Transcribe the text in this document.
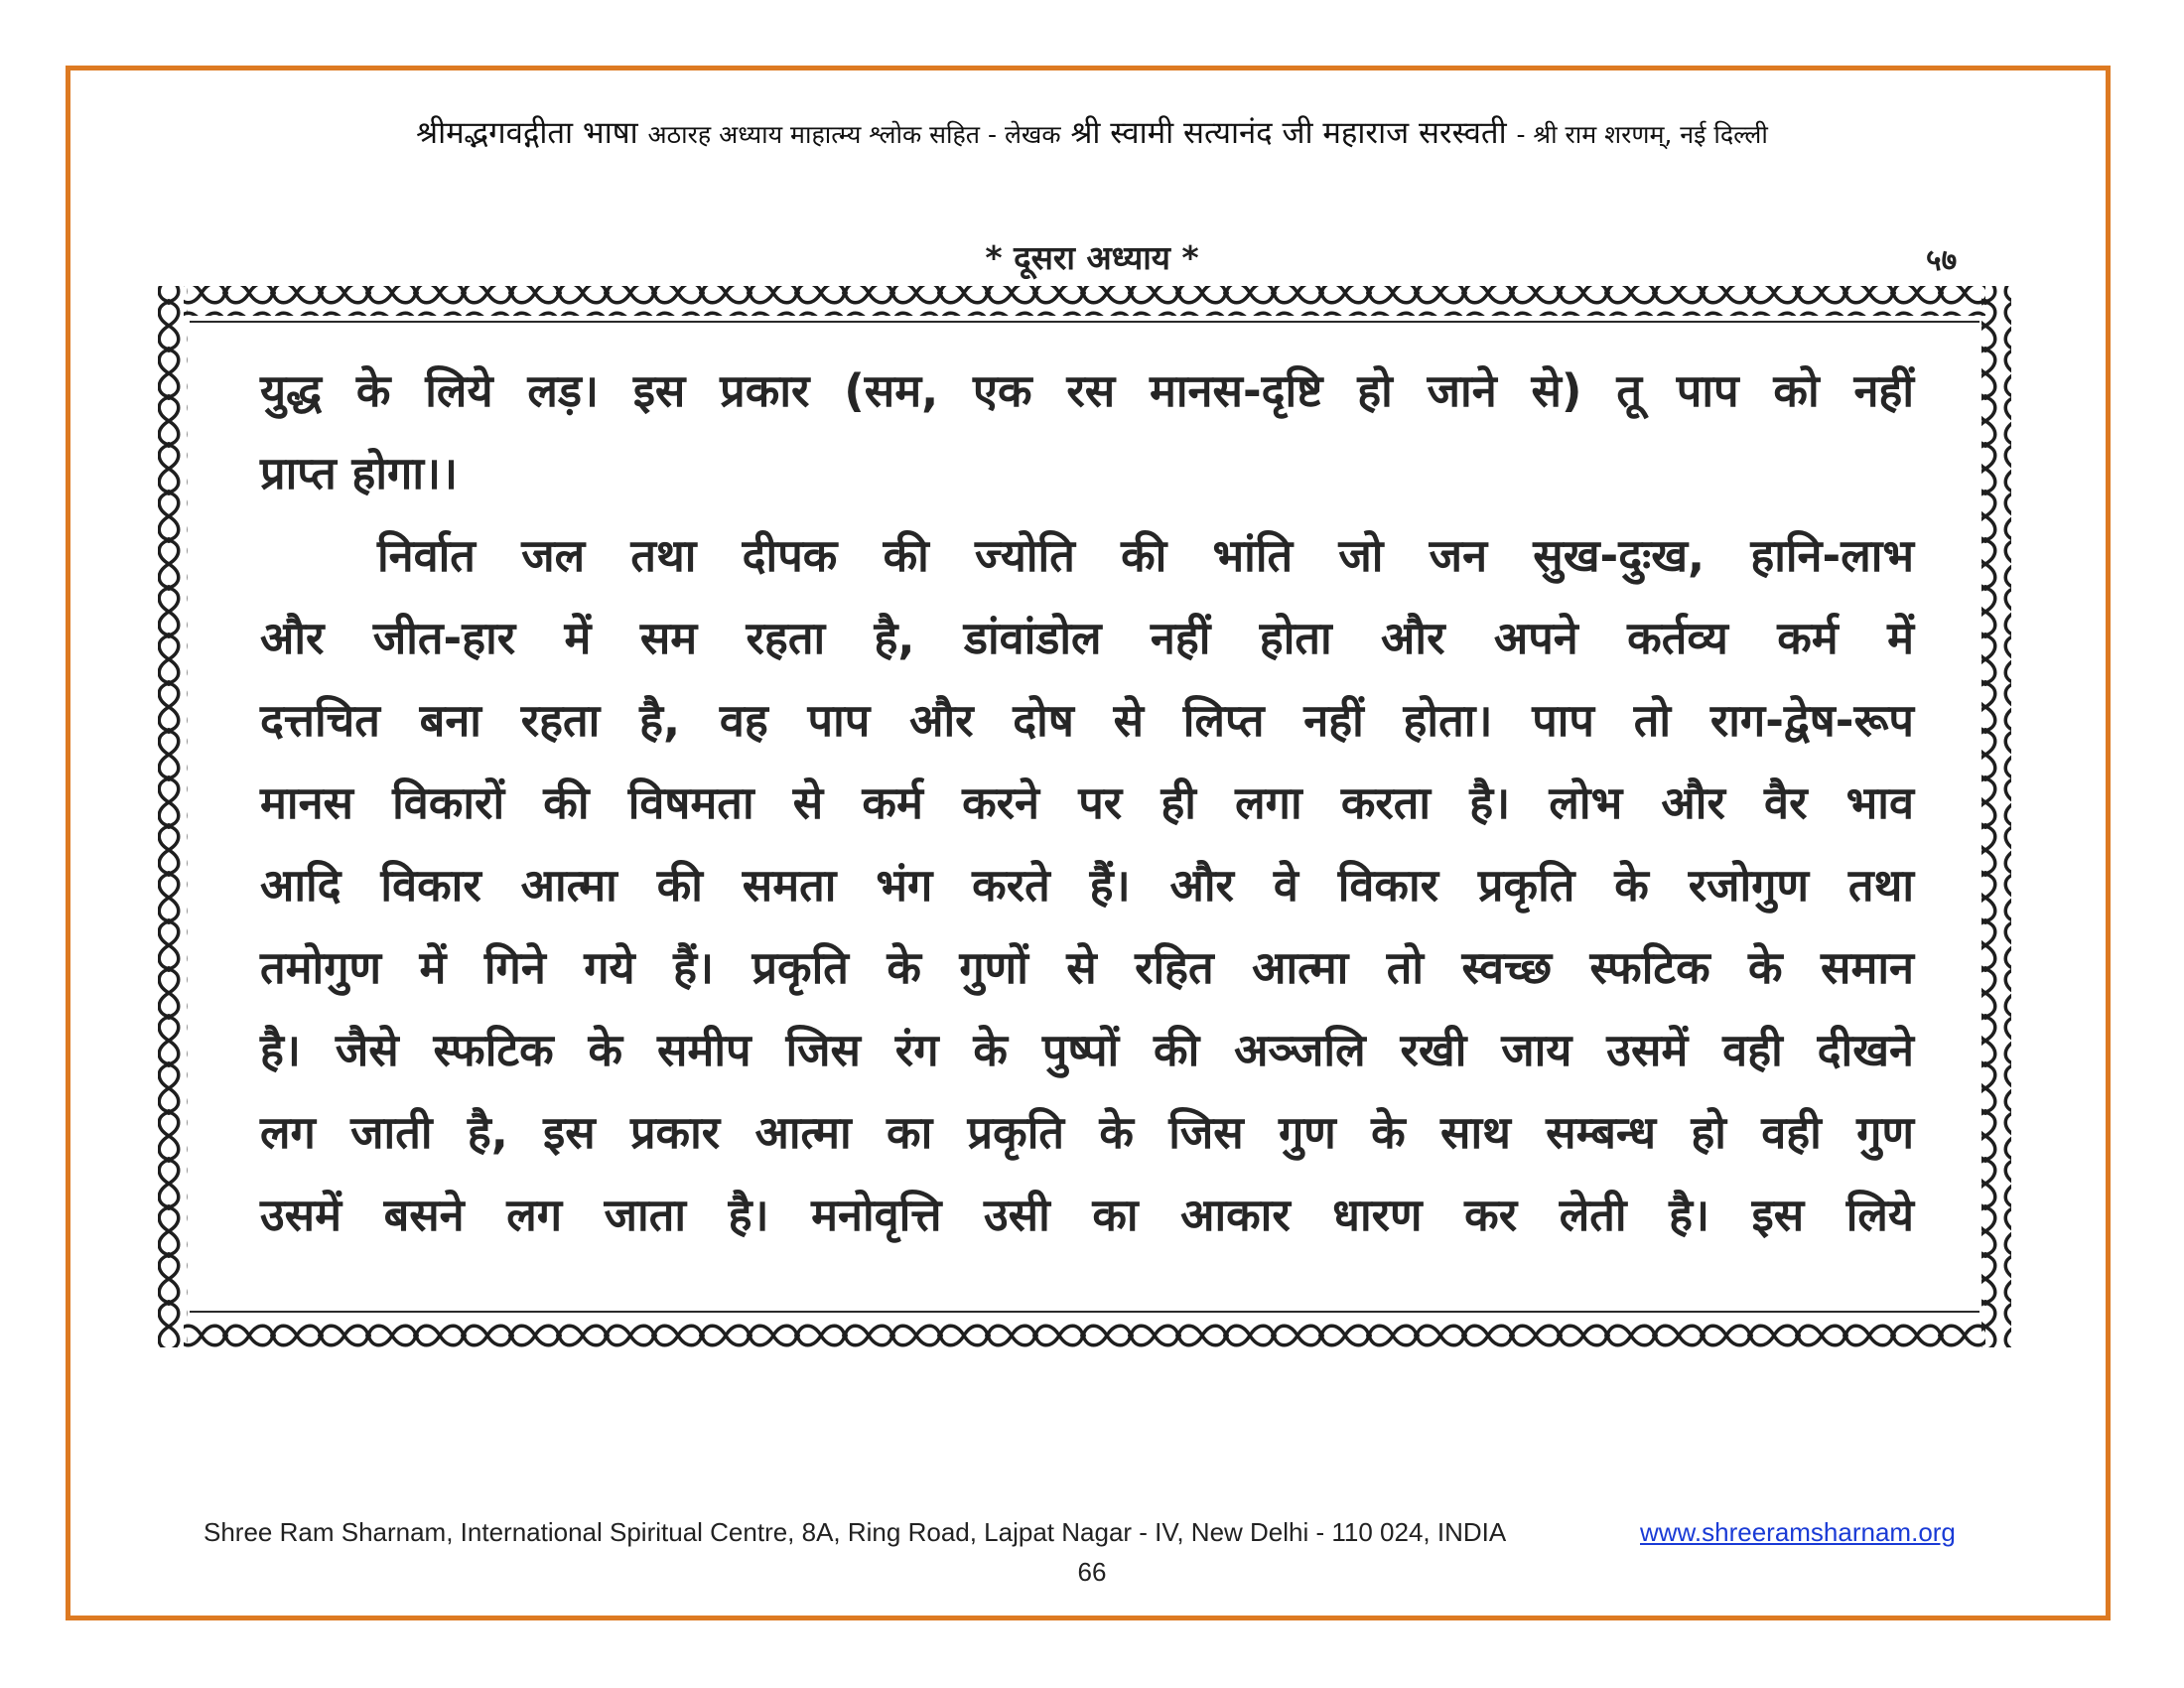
श्रीमद्भगवद्गीता भाषा अठारह अध्याय माहात्म्य श्लोक सहित - लेखक श्री स्वामी सत्यानंद जी महाराज सरस्वती - श्री राम शरणम्, नई दिल्ली
* दूसरा अध्याय *	५७
युद्ध के लिये लड़। इस प्रकार (सम, एक रस मानस-दृष्टि हो जाने से) तू पाप को नहीं
प्राप्त होगा।।
निर्वात जल तथा दीपक की ज्योति की भांति जो जन सुख-दुःख, हानि-लाभ
और जीत-हार में सम रहता है, डांवांडोल नहीं होता और अपने कर्तव्य कर्म में
दत्तचित बना रहता है, वह पाप और दोष से लिप्त नहीं होता। पाप तो राग-द्वेष-रूप
मानस विकारों की विषमता से कर्म करने पर ही लगा करता है। लोभ और वैर भाव
आदि विकार आत्मा की समता भंग करते हैं। और वे विकार प्रकृति के रजोगुण तथा
तमोगुण में गिने गये हैं। प्रकृति के गुणों से रहित आत्मा तो स्वच्छ स्फटिक के समान
है। जैसे स्फटिक के समीप जिस रंग के पुष्पों की अञ्जलि रखी जाय उसमें वही दीखने
लग जाती है, इस प्रकार आत्मा का प्रकृति के जिस गुण के साथ सम्बन्ध हो वही गुण
उसमें बसने लग जाता है। मनोवृत्ति उसी का आकार धारण कर लेती है। इस लिये
Shree Ram Sharnam, International Spiritual Centre, 8A, Ring Road, Lajpat Nagar - IV, New Delhi - 110 024, INDIA	www.shreeramsharnam.org
66
